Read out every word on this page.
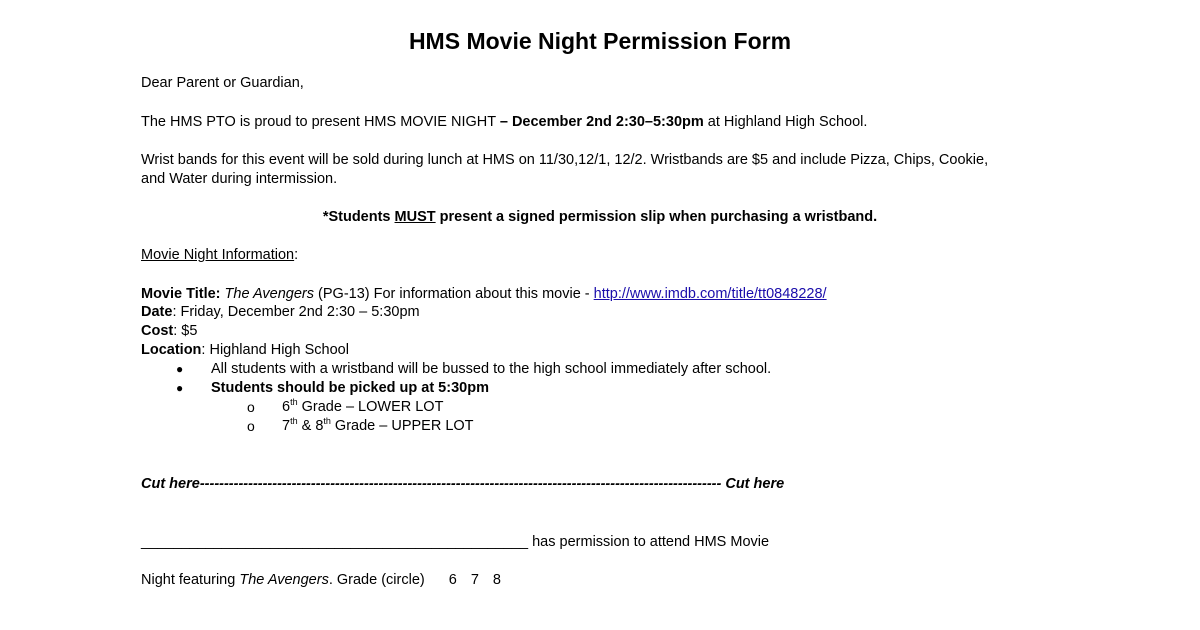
HMS Movie Night Permission Form
Dear Parent or Guardian,
The HMS PTO is proud to present HMS MOVIE NIGHT – December 2nd 2:30–5:30pm at Highland High School.
Wrist bands for this event will be sold during lunch at HMS on 11/30,12/1, 12/2. Wristbands are $5 and include Pizza, Chips, Cookie,
and Water during intermission.
*Students MUST present a signed permission slip when purchasing a wristband.
Movie Night Information:
Movie Title: The Avengers (PG-13) For information about this movie - http://www.imdb.com/title/tt0848228/
Date: Friday, December 2nd 2:30 – 5:30pm
Cost: $5
Location: Highland High School
● All students with a wristband will be bussed to the high school immediately after school.
● Students should be picked up at 5:30pm
o 6th Grade – LOWER LOT
o 7th & 8th Grade – UPPER LOT
Cut here------------------------------------------------------------------------------------------------------------ Cut here
________________________________________________ has permission to attend HMS Movie
Night featuring The Avengers. Grade (circle) 6 7 8
